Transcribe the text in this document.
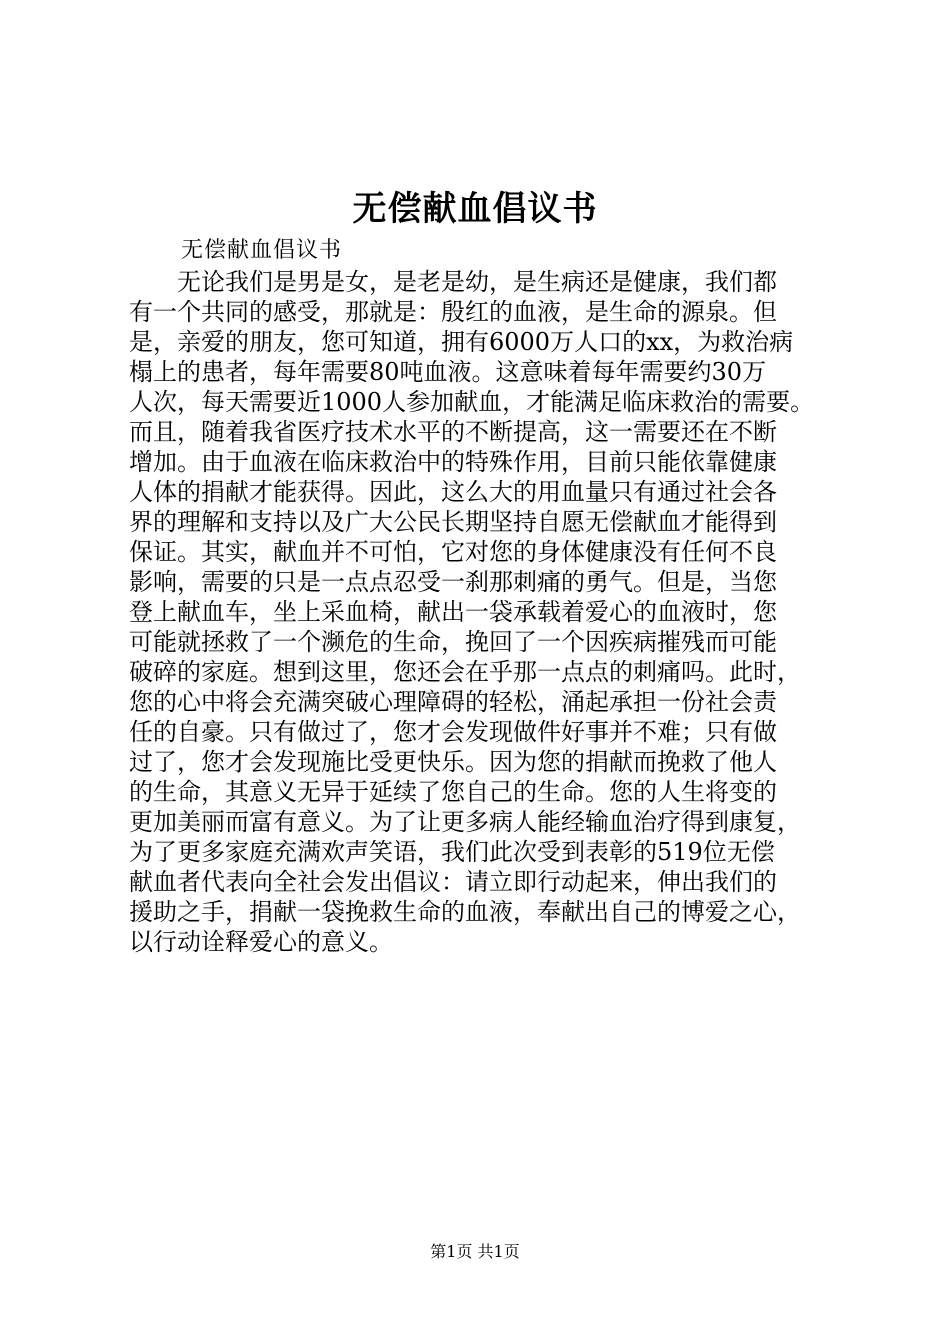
无偿献血倡议书
无偿献血倡议书
　　无论我们是男是女，是老是幼，是生病还是健康，我们都
有一个共同的感受，那就是：殷红的血液，是生命的源泉。但
是，亲爱的朋友，您可知道，拥有6000万人口的xx，为救治病
榻上的患者，每年需要80吨血液。这意味着每年需要约30万
人次，每天需要近1000人参加献血，才能满足临床救治的需要。
而且，随着我省医疗技术水平的不断提高，这一需要还在不断
增加。由于血液在临床救治中的特殊作用，目前只能依靠健康
人体的捐献才能获得。因此，这么大的用血量只有通过社会各
界的理解和支持以及广大公民长期坚持自愿无偿献血才能得到
保证。其实，献血并不可怕，它对您的身体健康没有任何不良
影响，需要的只是一点点忍受一刹那刺痛的勇气。但是，当您
登上献血车，坐上采血椅，献出一袋承载着爱心的血液时，您
可能就拯救了一个濒危的生命，挽回了一个因疾病摧残而可能
破碎的家庭。想到这里，您还会在乎那一点点的刺痛吗。此时，
您的心中将会充满突破心理障碍的轻松，涌起承担一份社会责
任的自豪。只有做过了，您才会发现做件好事并不难；只有做
过了，您才会发现施比受更快乐。因为您的捐献而挽救了他人
的生命，其意义无异于延续了您自己的生命。您的人生将变的
更加美丽而富有意义。为了让更多病人能经输血治疗得到康复，
为了更多家庭充满欢声笑语，我们此次受到表彰的519位无偿
献血者代表向全社会发出倡议：请立即行动起来，伸出我们的
援助之手，捐献一袋挽救生命的血液，奉献出自己的博爱之心，
以行动诠释爱心的意义。
第1页 共1页
